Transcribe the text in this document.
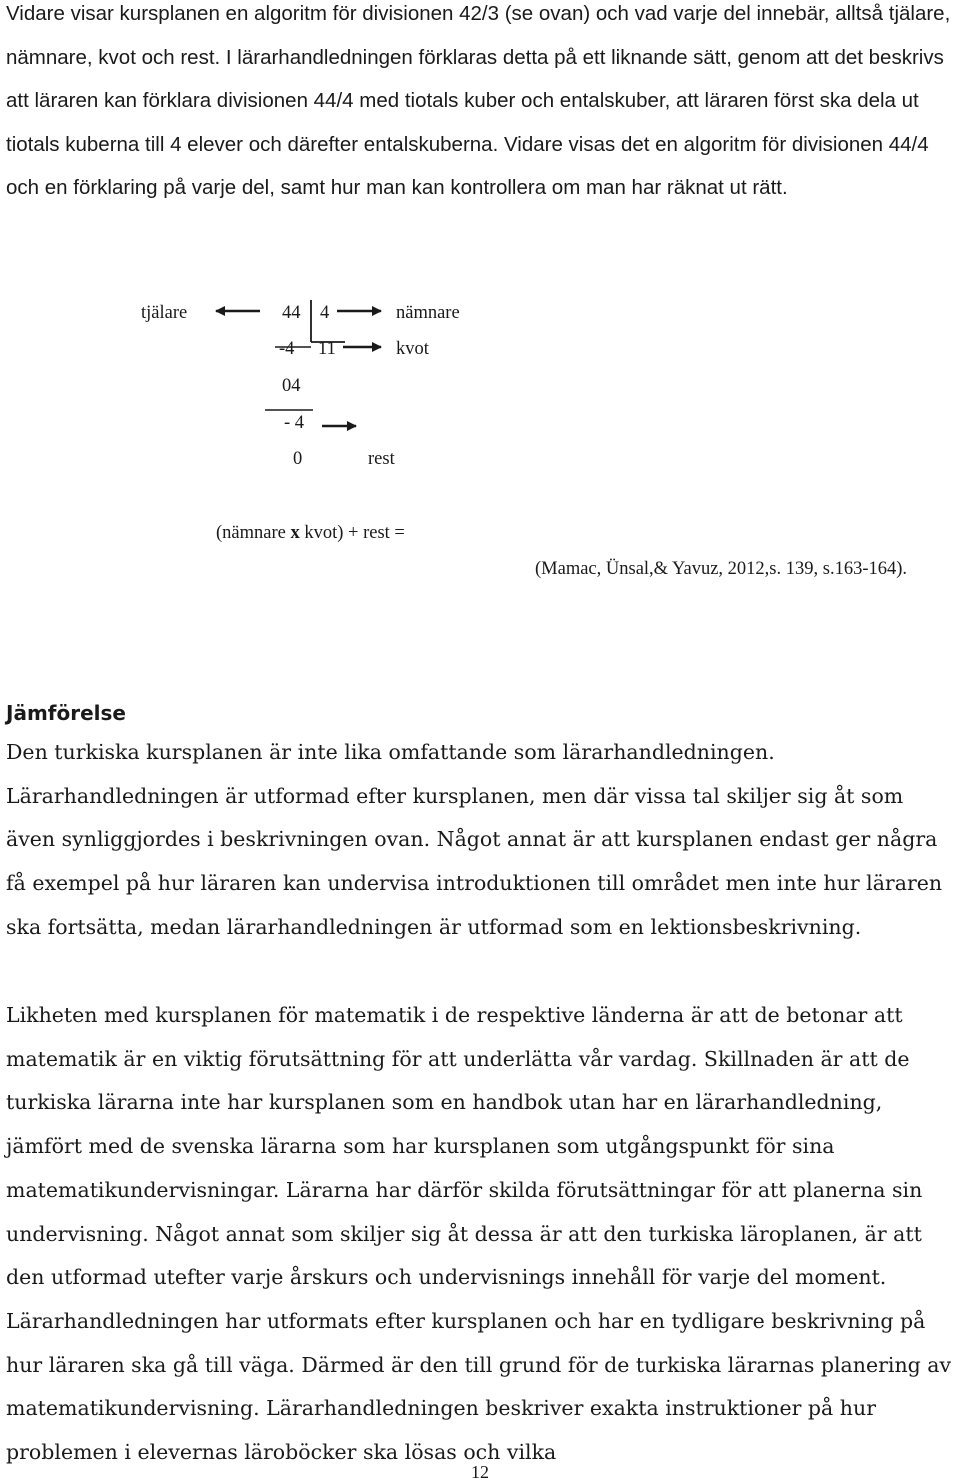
Vidare visar kursplanen en algoritm för divisionen 42/3 (se ovan) och vad varje del innebär, alltså tjälare, nämnare, kvot och rest. I lärarhandledningen förklaras detta på ett liknande sätt, genom att det beskrivs att läraren kan förklara divisionen 44/4 med tiotals kuber och entalskuber, att läraren först ska dela ut tiotals kuberna till 4 elever och därefter entalskuberna. Vidare visas det en algoritm för divisionen 44/4 och en förklaring på varje del, samt hur man kan kontrollera om man har räknat ut rätt.

tjälare	44 4	nämnare
-4 11	kvot
04
- 4
0	rest
(nämnare x kvot) + rest =
(Mamac, Ünsal,& Yavuz, 2012,s. 139, s.163-164).
Jämförelse

Den turkiska kursplanen är inte lika omfattande som lärarhandledningen. Lärarhandledningen är utformad efter kursplanen, men där vissa tal skiljer sig åt som även synliggjordes i beskrivningen ovan. Något annat är att kursplanen endast ger några få exempel på hur läraren kan undervisa introduktionen till området men inte hur läraren ska fortsätta, medan lärarhandledningen är utformad som en lektionsbeskrivning.

Likheten med kursplanen för matematik i de respektive länderna är att de betonar att matematik är en viktig förutsättning för att underlätta vår vardag. Skillnaden är att de turkiska lärarna inte har kursplanen som en handbok utan har en lärarhandledning, jämfört med de svenska lärarna som har kursplanen som utgångspunkt för sina matematikundervisningar. Lärarna har därför skilda förutsättningar för att planerna sin undervisning. Något annat som skiljer sig åt dessa är att den turkiska läroplanen, är att den utformad utefter varje årskurs och undervisnings innehåll för varje del moment. Lärarhandledningen har utformats efter kursplanen och har en tydligare beskrivning på hur läraren ska gå till väga. Därmed är den till grund för de turkiska lärarnas planering av matematikundervisning. Lärarhandledningen beskriver exakta instruktioner på hur problemen i elevernas läroböcker ska lösas och vilka

12
